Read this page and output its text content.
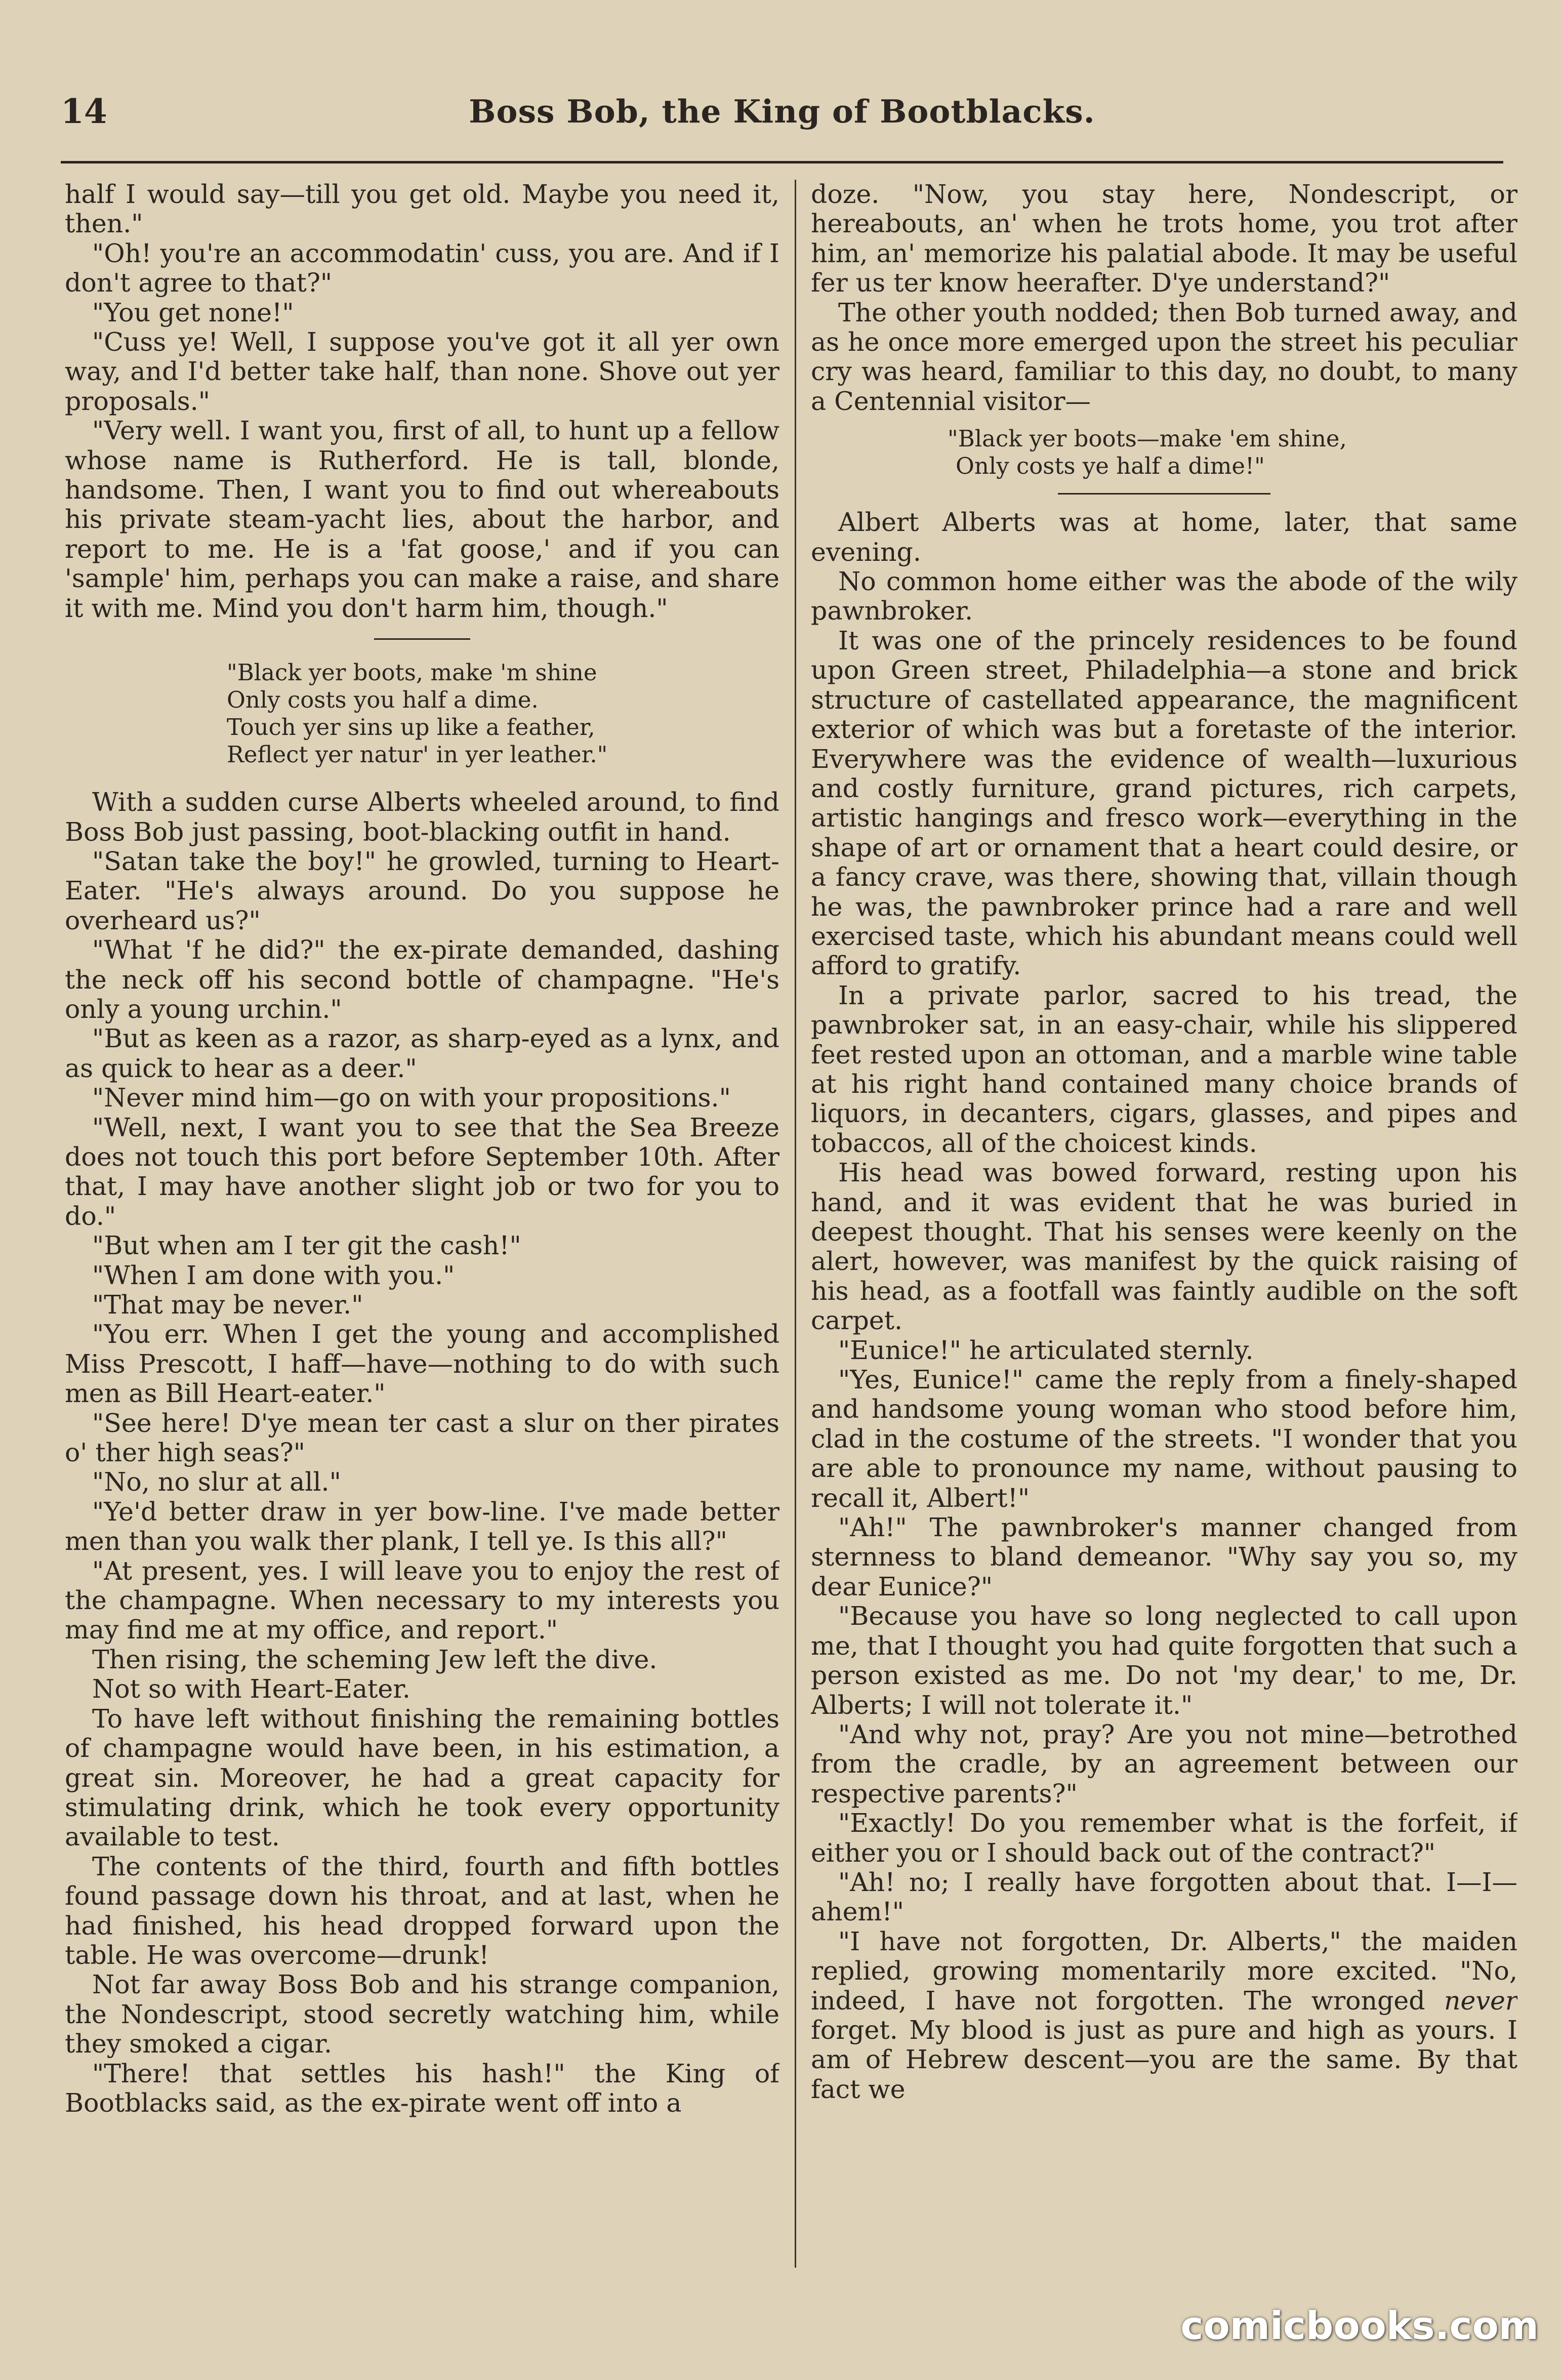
14	Boss Bob, the King of Bootblacks.

half I would say—till you get old. Maybe you need it, then."

"Oh! you're an accommodatin' cuss, you are. And if I don't agree to that?"

"You get none!"

"Cuss ye! Well, I suppose you've got it all yer own way, and I'd better take half, than none. Shove out yer proposals."

"Very well. I want you, first of all, to hunt up a fellow whose name is Rutherford. He is tall, blonde, handsome. Then, I want you to find out whereabouts his private steam-yacht lies, about the harbor, and report to me. He is a 'fat goose,' and if you can 'sample' him, perhaps you can make a raise, and share it with me. Mind you don't harm him, though."

"Black yer boots, make 'm shine
Only costs you half a dime.
Touch yer sins up like a feather,
Reflect yer natur' in yer leather."

With a sudden curse Alberts wheeled around, to find Boss Bob just passing, boot-blacking outfit in hand.

"Satan take the boy!" he growled, turning to Heart-Eater. "He's always around. Do you suppose he overheard us?"

"What 'f he did?" the ex-pirate demanded, dashing the neck off his second bottle of champagne. "He's only a young urchin."

"But as keen as a razor, as sharp-eyed as a lynx, and as quick to hear as a deer."

"Never mind him—go on with your propositions."

"Well, next, I want you to see that the Sea Breeze does not touch this port before September 10th. After that, I may have another slight job or two for you to do."

"But when am I ter git the cash!"

"When I am done with you."

"That may be never."

"You err. When I get the young and accomplished Miss Prescott, I haff—have—nothing to do with such men as Bill Heart-eater."

"See here! D'ye mean ter cast a slur on ther pirates o' ther high seas?"

"No, no slur at all."

"Ye'd better draw in yer bow-line. I've made better men than you walk ther plank, I tell ye. Is this all?"

"At present, yes. I will leave you to enjoy the rest of the champagne. When necessary to my interests you may find me at my office, and report."

Then rising, the scheming Jew left the dive.

Not so with Heart-Eater.

To have left without finishing the remaining bottles of champagne would have been, in his estimation, a great sin. Moreover, he had a great capacity for stimulating drink, which he took every opportunity available to test.

The contents of the third, fourth and fifth bottles found passage down his throat, and at last, when he had finished, his head dropped forward upon the table. He was overcome—drunk!

Not far away Boss Bob and his strange companion, the Nondescript, stood secretly watching him, while they smoked a cigar.

"There! that settles his hash!" the King of Bootblacks said, as the ex-pirate went off into a

doze. "Now, you stay here, Nondescript, or hereabouts, an' when he trots home, you trot after him, an' memorize his palatial abode. It may be useful fer us ter know heerafter. D'ye understand?"

The other youth nodded; then Bob turned away, and as he once more emerged upon the street his peculiar cry was heard, familiar to this day, no doubt, to many a Centennial visitor—

"Black yer boots—make 'em shine,
Only costs ye half a dime!"

Albert Alberts was at home, later, that same evening.

No common home either was the abode of the wily pawnbroker.

It was one of the princely residences to be found upon Green street, Philadelphia—a stone and brick structure of castellated appearance, the magnificent exterior of which was but a foretaste of the interior. Everywhere was the evidence of wealth—luxurious and costly furniture, grand pictures, rich carpets, artistic hangings and fresco work—everything in the shape of art or ornament that a heart could desire, or a fancy crave, was there, showing that, villain though he was, the pawnbroker prince had a rare and well exercised taste, which his abundant means could well afford to gratify.

In a private parlor, sacred to his tread, the pawnbroker sat, in an easy-chair, while his slippered feet rested upon an ottoman, and a marble wine table at his right hand contained many choice brands of liquors, in decanters, cigars, glasses, and pipes and tobaccos, all of the choicest kinds.

His head was bowed forward, resting upon his hand, and it was evident that he was buried in deepest thought. That his senses were keenly on the alert, however, was manifest by the quick raising of his head, as a footfall was faintly audible on the soft carpet.

"Eunice!" he articulated sternly.

"Yes, Eunice!" came the reply from a finely-shaped and handsome young woman who stood before him, clad in the costume of the streets. "I wonder that you are able to pronounce my name, without pausing to recall it, Albert!"

"Ah!" The pawnbroker's manner changed from sternness to bland demeanor. "Why say you so, my dear Eunice?"

"Because you have so long neglected to call upon me, that I thought you had quite forgotten that such a person existed as me. Do not 'my dear,' to me, Dr. Alberts; I will not tolerate it."

"And why not, pray? Are you not mine—betrothed from the cradle, by an agreement between our respective parents?"

"Exactly! Do you remember what is the forfeit, if either you or I should back out of the contract?"

"Ah! no; I really have forgotten about that. I—I—ahem!"

"I have not forgotten, Dr. Alberts," the maiden replied, growing momentarily more excited. "No, indeed, I have not forgotten. The wronged never forget. My blood is just as pure and high as yours. I am of Hebrew descent—you are the same. By that fact we

comicbooks.com
